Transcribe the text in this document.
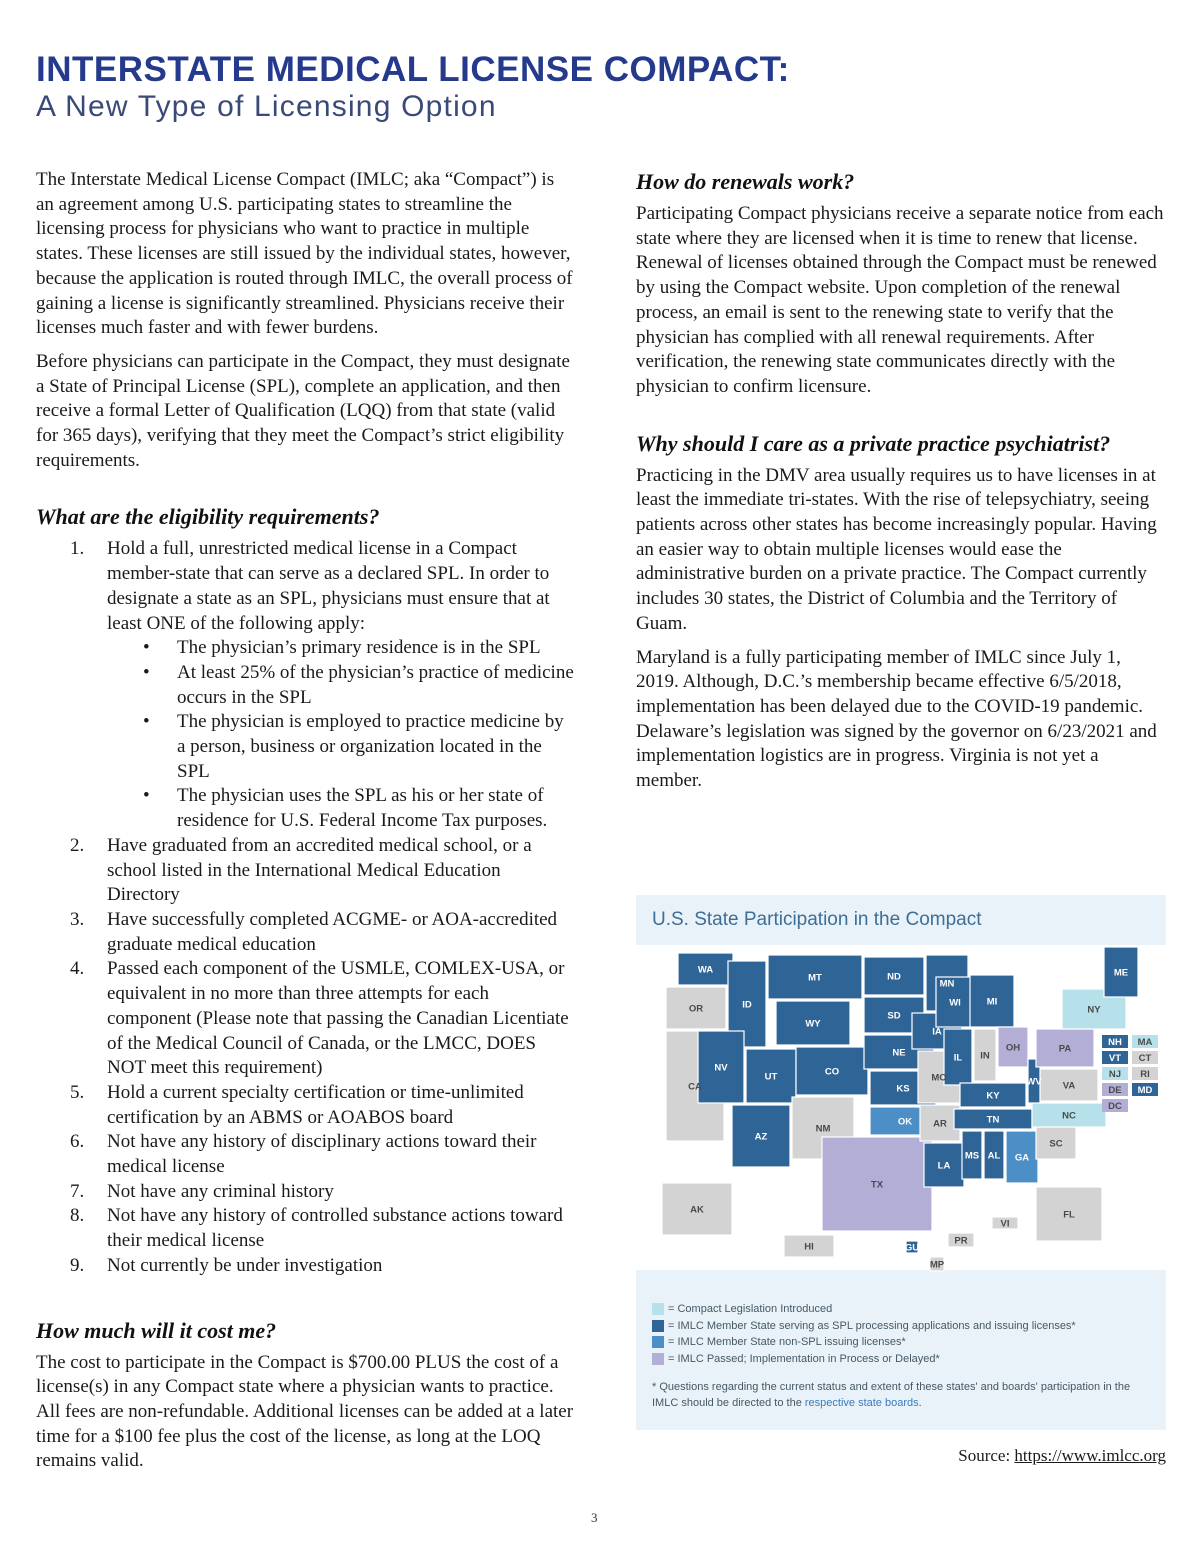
INTERSTATE MEDICAL LICENSE COMPACT:
A New Type of Licensing Option

The Interstate Medical License Compact (IMLC; aka “Compact”) is an agreement among U.S. participating states to streamline the licensing process for physicians who want to practice in multiple states. These licenses are still issued by the individual states, however, because the application is routed through IMLC, the overall process of gaining a license is significantly streamlined. Physicians receive their licenses much faster and with fewer burdens.

Before physicians can participate in the Compact, they must designate a State of Principal License (SPL), complete an application, and then receive a formal Letter of Qualification (LQQ) from that state (valid for 365 days), verifying that they meet the Compact’s strict eligibility requirements.

What are the eligibility requirements?
1. Hold a full, unrestricted medical license in a Compact member-state that can serve as a declared SPL. In order to designate a state as an SPL, physicians must ensure that at least ONE of the following apply:
• The physician’s primary residence is in the SPL
• At least 25% of the physician’s practice of medicine occurs in the SPL
• The physician is employed to practice medicine by a person, business or organization located in the SPL
• The physician uses the SPL as his or her state of residence for U.S. Federal Income Tax purposes.
2. Have graduated from an accredited medical school, or a school listed in the International Medical Education Directory
3. Have successfully completed ACGME- or AOA-accredited graduate medical education
4. Passed each component of the USMLE, COMLEX-USA, or equivalent in no more than three attempts for each component (Please note that passing the Canadian Licentiate of the Medical Council of Canada, or the LMCC, DOES NOT meet this requirement)
5. Hold a current specialty certification or time-unlimited certification by an ABMS or AOABOS board
6. Not have any history of disciplinary actions toward their medical license
7. Not have any criminal history
8. Not have any history of controlled substance actions toward their medical license
9. Not currently be under investigation
How much will it cost me?

The cost to participate in the Compact is $700.00 PLUS the cost of a license(s) in any Compact state where a physician wants to practice. All fees are non-refundable. Additional licenses can be added at a later time for a $100 fee plus the cost of the license, as long at the LOQ remains valid.

How do renewals work?

Participating Compact physicians receive a separate notice from each state where they are licensed when it is time to renew that license. Renewal of licenses obtained through the Compact must be renewed by using the Compact website. Upon completion of the renewal process, an email is sent to the renewing state to verify that the physician has complied with all renewal requirements. After verification, the renewing state communicates directly with the physician to confirm licensure.

Why should I care as a private practice psychiatrist?

Practicing in the DMV area usually requires us to have licenses in at least the immediate tri-states. With the rise of telepsychiatry, seeing patients across other states has become increasingly popular. Having an easier way to obtain multiple licenses would ease the administrative burden on a private practice. The Compact currently includes 30 states, the District of Columbia and the Territory of Guam.

Maryland is a fully participating member of IMLC since July 1, 2019. Although, D.C.’s membership became effective 6/5/2018, implementation has been delayed due to the COVID-19 pandemic. Delaware’s legislation was signed by the governor on 6/23/2021 and implementation logistics are in progress. Virginia is not yet a member.

U.S. State Participation in the Compact
WA
OR
CA
ID
NV
MT
WY
UT
AZ
CO
NM
ND
SD
NE
KS
OK
TX
MN
IA
MO
AR
LA
WI
IL
MI
IN
OH
KY
TN
MS AL GA
FL
SC
NC
VA
WV
PA
NY
ME
AK
HI	GU
PR
VI
MP
NH MA
VT CT
NJ RI
DE MD
DC
= Compact Legislation Introduced
= IMLC Member State serving as SPL processing applications and issuing licenses*
= IMLC Member State non-SPL issuing licenses*
= IMLC Passed; Implementation in Process or Delayed*
* Questions regarding the current status and extent of these states' and boards' participation in the IMLC should be directed to the respective state boards.
Source: https://www.imlcc.org
3
